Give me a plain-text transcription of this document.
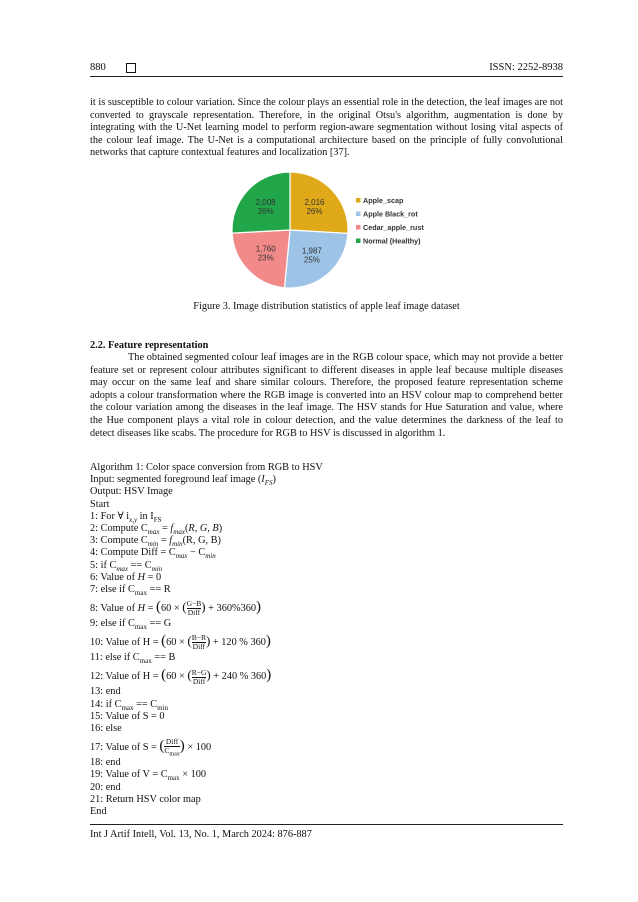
880	ISSN: 2252-8938

it is susceptible to colour variation. Since the colour plays an essential role in the detection, the leaf images are not converted to grayscale representation. Therefore, in the original Otsu's algorithm, augmentation is done by integrating with the U-Net learning model to perform region-aware segmentation without losing vital aspects of the colour leaf image. The U-Net is a computational architecture based on the principle of fully convolutional networks that capture contextual features and localization [37].

2,016
26%
1,987
25%
1,760
23%
2,008
26%
Apple_scap
Apple Black_rot
Cedar_apple_rust
Normal (Healthy)
Figure 3. Image distribution statistics of apple leaf image dataset
2.2. Feature representation

The obtained segmented colour leaf images are in the RGB colour space, which may not provide a better feature set or represent colour attributes significant to different diseases in apple leaf because multiple diseases may occur on the same leaf and share similar colours. Therefore, the proposed feature representation scheme adopts a colour transformation where the RGB image is converted into an HSV colour map to comprehend better the colour variation among the diseases in the leaf image. The HSV stands for Hue Saturation and value, where the Hue component plays a vital role in colour detection, and the value determines the darkness of the leaf to detect diseases like scabs. The procedure for RGB to HSV is discussed in algorithm 1.

Algorithm 1: Color space conversion from RGB to HSV
Input: segmented foreground leaf image $(I_{FS})$
Output: HSV Image
Start
1: For ∀ $i_{x,y}$ in $I_{FS}$
2: Compute $C_{max} = f_{max}(R$, G, B)
3: Compute $C_{min} = f_{min}(R$, G, B)
4: Compute Diff = $C_{max} - C_{min}$
5: if $C_{max} == C_{min}$
6: Value of H = 0
7: else if $C_{max} == R$
8: Value of H = (60 × ( G−B
Diff ) + 360%360)
9: else if $C_{max} == G$
10: Value of H = (60 × ( B−R
Diff ) + 120 % 360)
11: else if $C_{max} == B$
12: Value of H = (60 × ( R−G
Diff ) + 240 % 360)
13: end
14: if $C_{max} == C_{min}$
15: Value of S = 0
16: else
17: Value of S = ( Diff
$C_{max}$ ) × 100
18: end
19: Value of $V = C_{max} \times 100$
20: end
21: Return HSV color map
End
Int J Artif Intell, Vol. 13, No. 1, March 2024: 876-887
